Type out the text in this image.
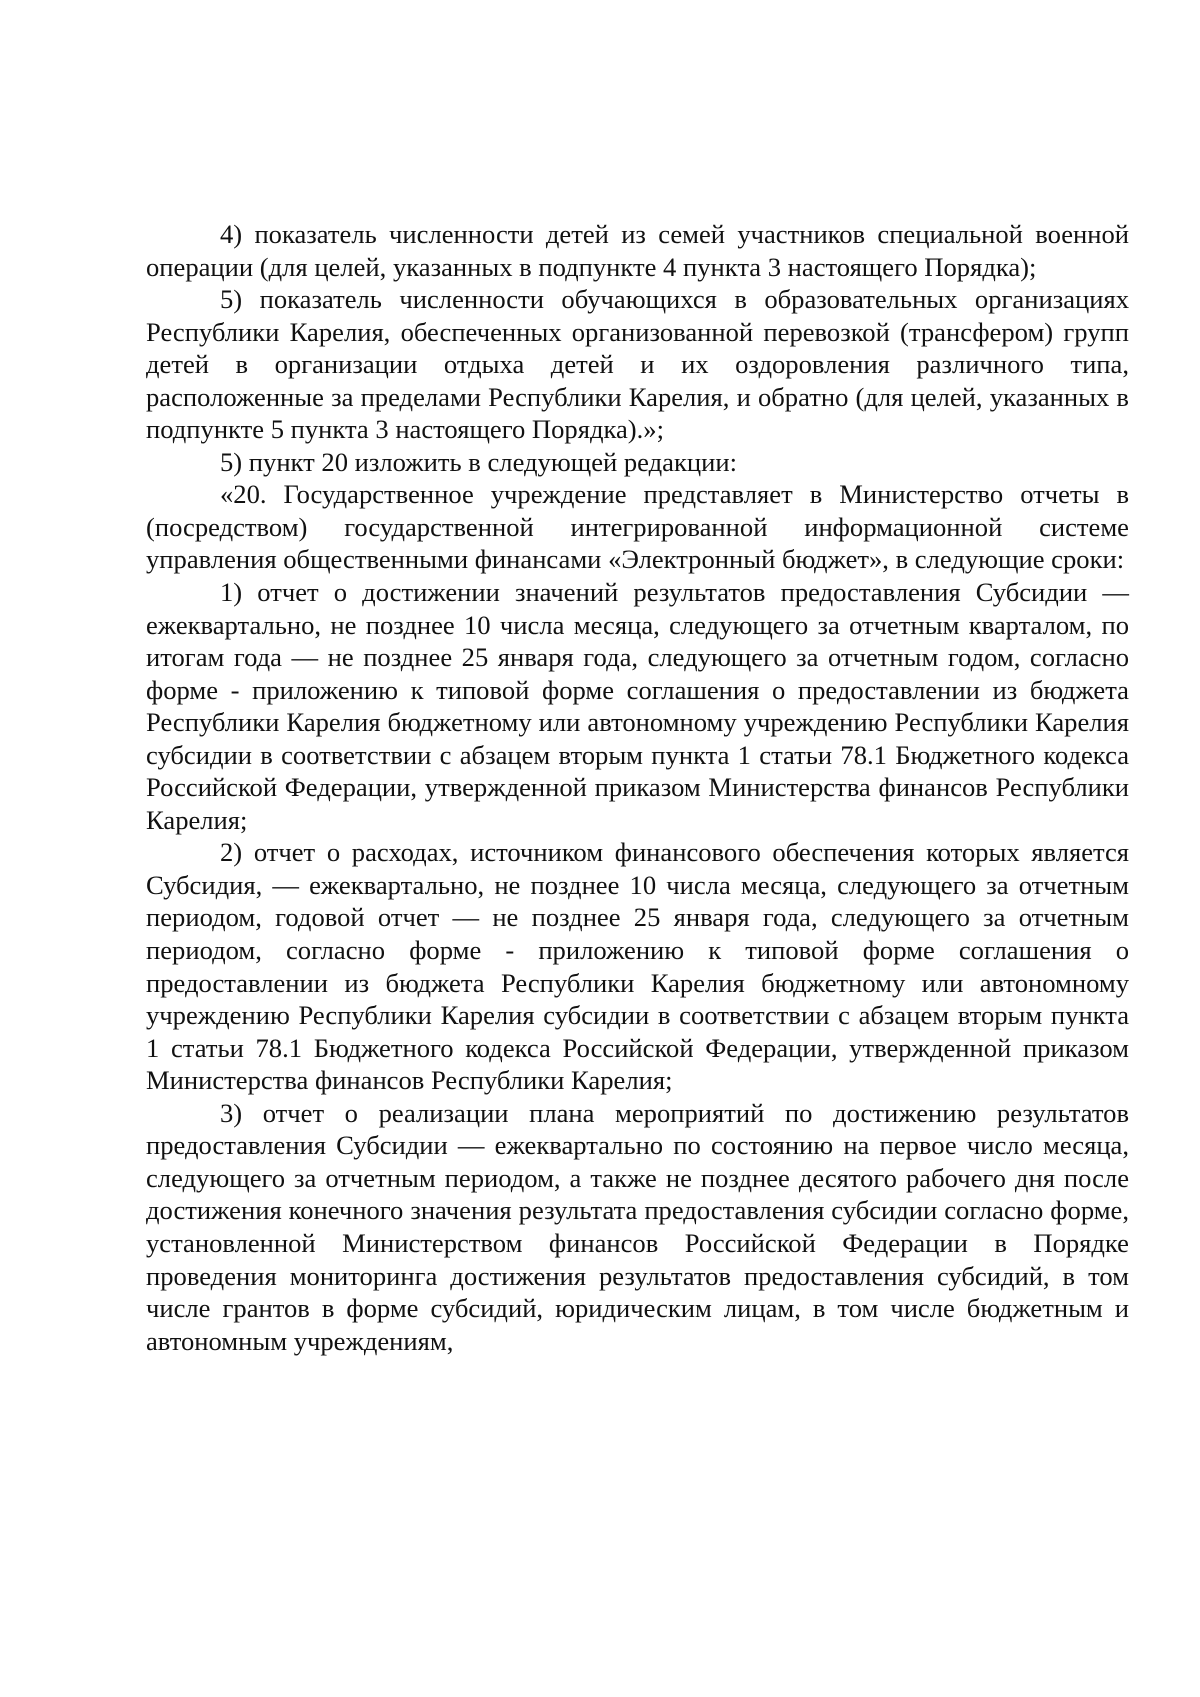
4) показатель численности детей из семей участников специальной военной операции (для целей, указанных в подпункте 4 пункта 3 настоящего Порядка);

5) показатель численности обучающихся в образовательных организациях Республики Карелия, обеспеченных организованной перевозкой (трансфером) групп детей в организации отдыха детей и их оздоровления различного типа, расположенные за пределами Республики Карелия, и обратно (для целей, указанных в подпункте 5 пункта 3 настоящего Порядка).»;

5) пункт 20 изложить в следующей редакции:

«20. Государственное учреждение представляет в Министерство отчеты в (посредством) государственной интегрированной информационной системе управления общественными финансами «Электронный бюджет», в следующие сроки:

1) отчет о достижении значений результатов предоставления Субсидии — ежеквартально, не позднее 10 числа месяца, следующего за отчетным кварталом, по итогам года — не позднее 25 января года, следующего за отчетным годом, согласно форме - приложению к типовой форме соглашения о предоставлении из бюджета Республики Карелия бюджетному или автономному учреждению Республики Карелия субсидии в соответствии с абзацем вторым пункта 1 статьи 78.1 Бюджетного кодекса Российской Федерации, утвержденной приказом Министерства финансов Республики Карелия;

2) отчет о расходах, источником финансового обеспечения которых является Субсидия, — ежеквартально, не позднее 10 числа месяца, следующего за отчетным периодом, годовой отчет — не позднее 25 января года, следующего за отчетным периодом, согласно форме - приложению к типовой форме соглашения о предоставлении из бюджета Республики Карелия бюджетному или автономному учреждению Республики Карелия субсидии в соответствии с абзацем вторым пункта 1 статьи 78.1 Бюджетного кодекса Российской Федерации, утвержденной приказом Министерства финансов Республики Карелия;

3) отчет о реализации плана мероприятий по достижению результатов предоставления Субсидии — ежеквартально по состоянию на первое число месяца, следующего за отчетным периодом, а также не позднее десятого рабочего дня после достижения конечного значения результата предоставления субсидии согласно форме, установленной Министерством финансов Российской Федерации в Порядке проведения мониторинга достижения результатов предоставления субсидий, в том числе грантов в форме субсидий, юридическим лицам, в том числе бюджетным и автономным учреждениям,
